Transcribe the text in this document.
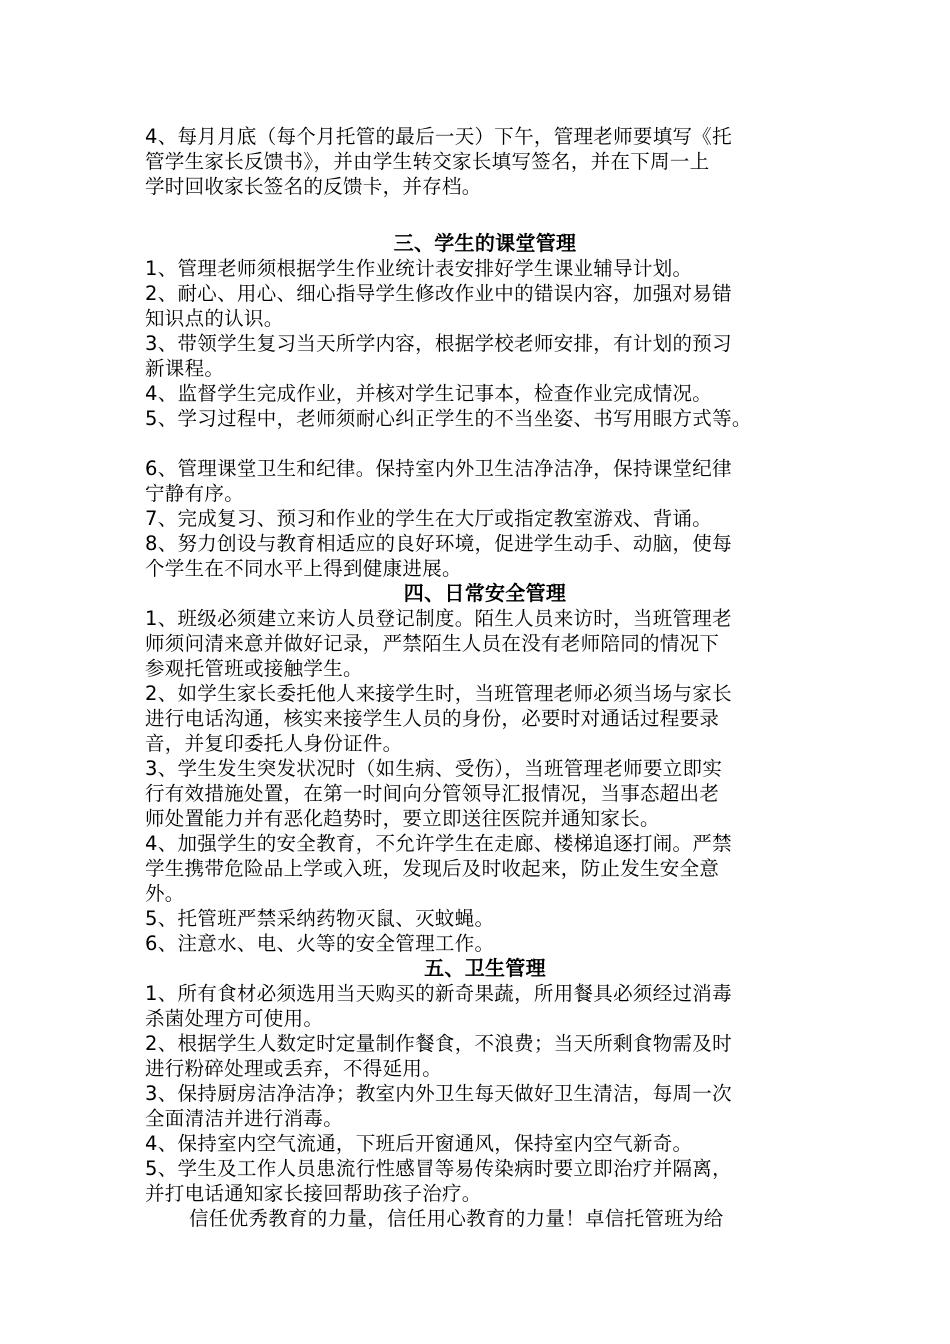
4、每月月底（每个月托管的最后一天）下午，管理老师要填写《托
管学生家长反馈书》，并由学生转交家长填写签名，并在下周一上
学时回收家长签名的反馈卡，并存档。

三、学生的课堂管理

1、管理老师须根据学生作业统计表安排好学生课业辅导计划。

2、耐心、用心、细心指导学生修改作业中的错误内容，加强对易错
知识点的认识。

3、带领学生复习当天所学内容，根据学校老师安排，有计划的预习
新课程。

4、监督学生完成作业，并核对学生记事本，检查作业完成情况。

5、学习过程中，老师须耐心纠正学生的不当坐姿、书写用眼方式等。

6、管理课堂卫生和纪律。保持室内外卫生洁净洁净，保持课堂纪律
宁静有序。

7、完成复习、预习和作业的学生在大厅或指定教室游戏、背诵。

8、努力创设与教育相适应的良好环境，促进学生动手、动脑，使每
个学生在不同水平上得到健康进展。

四、日常安全管理

1、班级必须建立来访人员登记制度。陌生人员来访时，当班管理老
师须问清来意并做好记录，严禁陌生人员在没有老师陪同的情况下
参观托管班或接触学生。

2、如学生家长委托他人来接学生时，当班管理老师必须当场与家长
进行电话沟通，核实来接学生人员的身份，必要时对通话过程要录
音，并复印委托人身份证件。

3、学生发生突发状况时（如生病、受伤），当班管理老师要立即实
行有效措施处置，在第一时间向分管领导汇报情况，当事态超出老
师处置能力并有恶化趋势时，要立即送往医院并通知家长。

4、加强学生的安全教育，不允许学生在走廊、楼梯追逐打闹。严禁
学生携带危险品上学或入班，发现后及时收起来，防止发生安全意
外。

5、托管班严禁采纳药物灭鼠、灭蚊蝇。

6、注意水、电、火等的安全管理工作。

五、卫生管理

1、所有食材必须选用当天购买的新奇果蔬，所用餐具必须经过消毒
杀菌处理方可使用。

2、根据学生人数定时定量制作餐食，不浪费；当天所剩食物需及时
进行粉碎处理或丢弃，不得延用。

3、保持厨房洁净洁净；教室内外卫生每天做好卫生清洁，每周一次
全面清洁并进行消毒。

4、保持室内空气流通，下班后开窗通风，保持室内空气新奇。

5、学生及工作人员患流行性感冒等易传染病时要立即治疗并隔离，
并打电话通知家长接回帮助孩子治疗。

信任优秀教育的力量，信任用心教育的力量！卓信托管班为给
